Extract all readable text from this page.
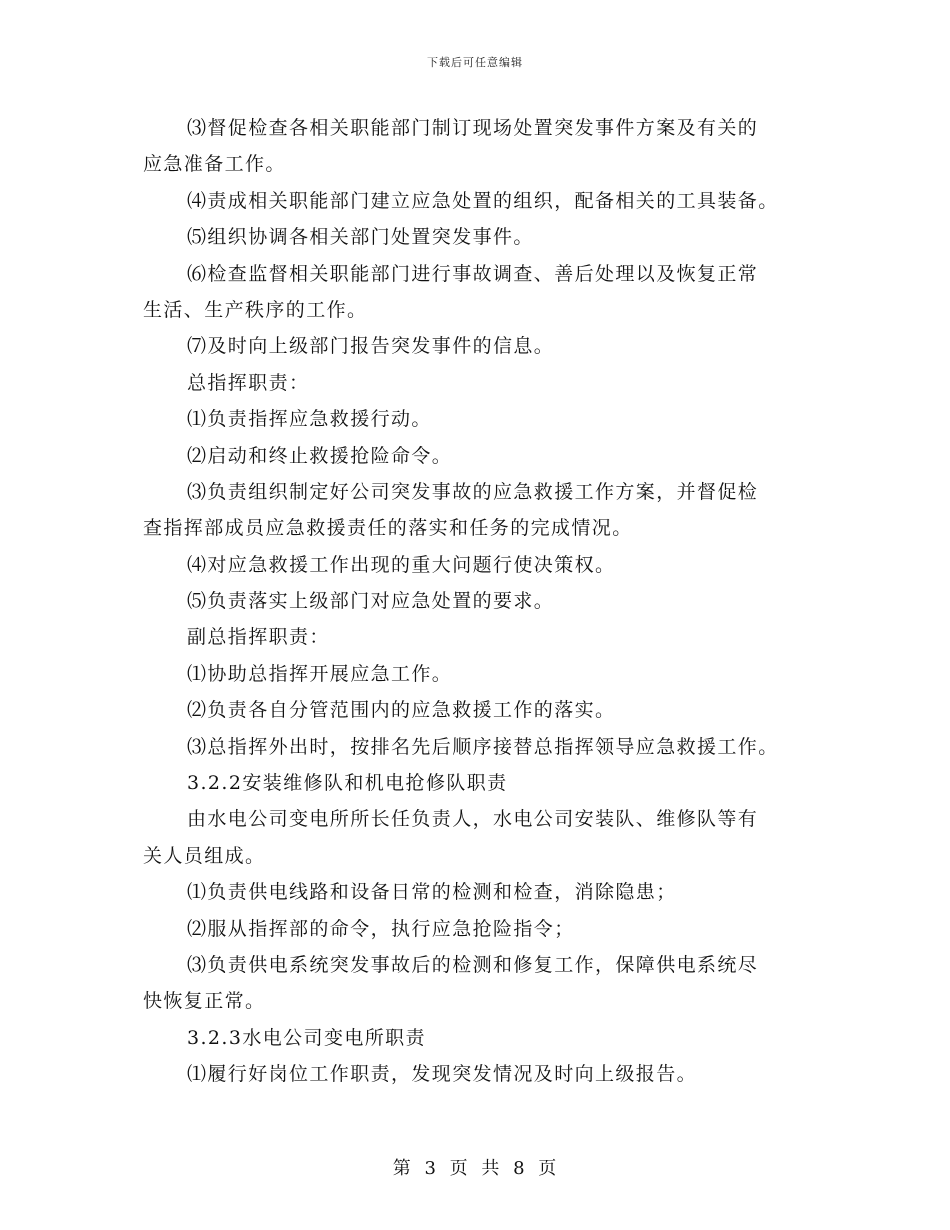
下载后可任意编辑
⑶督促检查各相关职能部门制订现场处置突发事件方案及有关的
应急准备工作。
⑷责成相关职能部门建立应急处置的组织，配备相关的工具装备。
⑸组织协调各相关部门处置突发事件。
⑹检查监督相关职能部门进行事故调查、善后处理以及恢复正常
生活、生产秩序的工作。
⑺及时向上级部门报告突发事件的信息。
总指挥职责：
⑴负责指挥应急救援行动。
⑵启动和终止救援抢险命令。
⑶负责组织制定好公司突发事故的应急救援工作方案，并督促检
查指挥部成员应急救援责任的落实和任务的完成情况。
⑷对应急救援工作出现的重大问题行使决策权。
⑸负责落实上级部门对应急处置的要求。
副总指挥职责：
⑴协助总指挥开展应急工作。
⑵负责各自分管范围内的应急救援工作的落实。
⑶总指挥外出时，按排名先后顺序接替总指挥领导应急救援工作。
3.2.2安装维修队和机电抢修队职责
由水电公司变电所所长任负责人，水电公司安装队、维修队等有
关人员组成。
⑴负责供电线路和设备日常的检测和检查，消除隐患；
⑵服从指挥部的命令，执行应急抢险指令；
⑶负责供电系统突发事故后的检测和修复工作，保障供电系统尽
快恢复正常。
3.2.3水电公司变电所职责
⑴履行好岗位工作职责，发现突发情况及时向上级报告。
第 3 页 共 8 页
